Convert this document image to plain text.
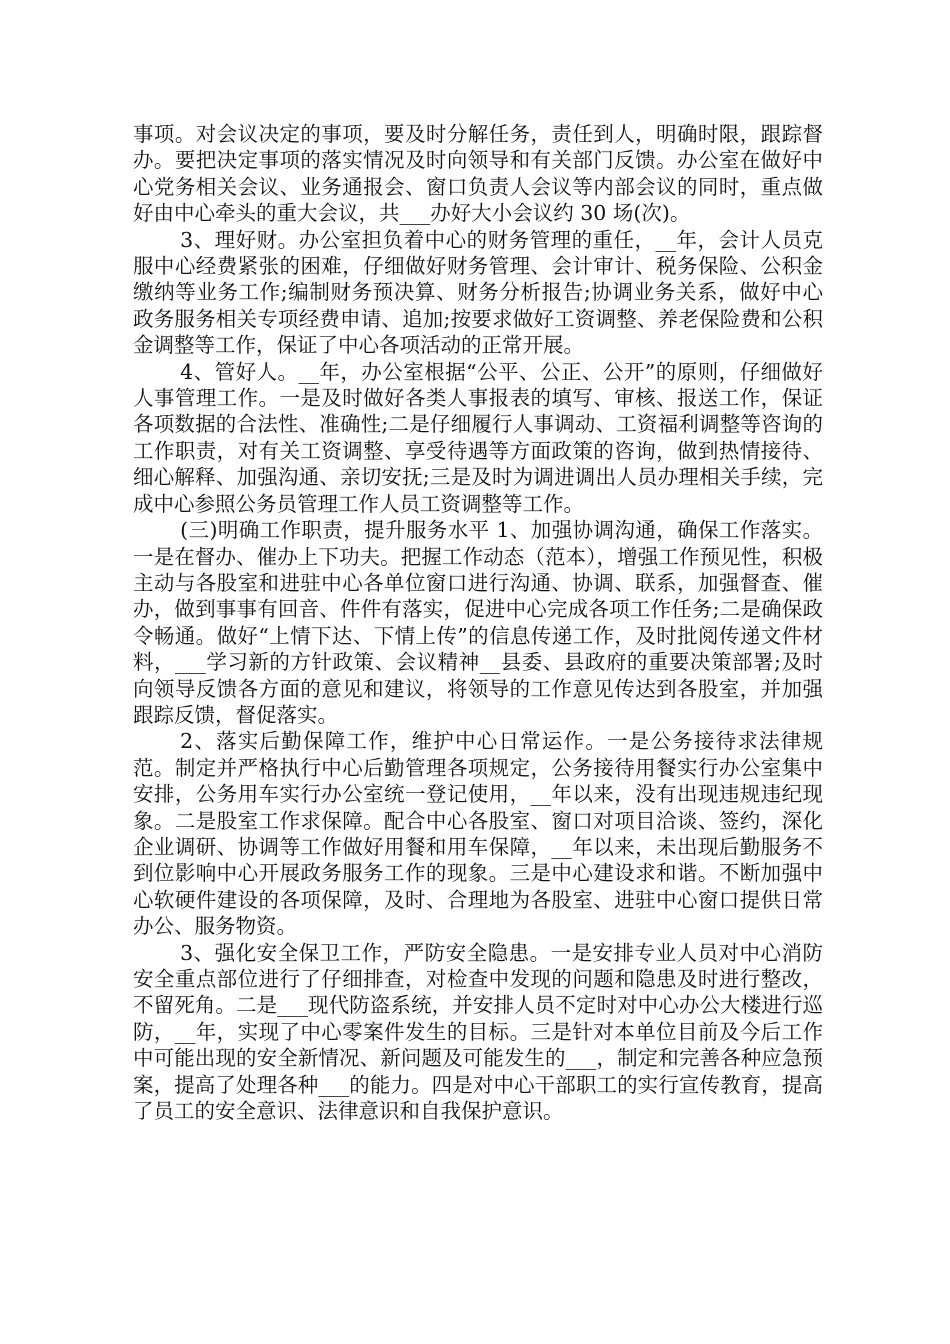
事项。对会议决定的事项，要及时分解任务，责任到人，明确时限，跟踪督办。要把决定事项的落实情况及时向领导和有关部门反馈。办公室在做好中心党务相关会议、业务通报会、窗口负责人会议等内部会议的同时，重点做好由中心牵头的重大会议，共___办好大小会议约 30 场(次)。

3、理好财。办公室担负着中心的财务管理的重任，__年，会计人员克服中心经费紧张的困难，仔细做好财务管理、会计审计、税务保险、公积金缴纳等业务工作;编制财务预决算、财务分析报告;协调业务关系，做好中心政务服务相关专项经费申请、追加;按要求做好工资调整、养老保险费和公积金调整等工作，保证了中心各项活动的正常开展。

4、管好人。__年，办公室根据“公平、公正、公开”的原则，仔细做好人事管理工作。一是及时做好各类人事报表的填写、审核、报送工作，保证各项数据的合法性、准确性;二是仔细履行人事调动、工资福利调整等咨询的工作职责，对有关工资调整、享受待遇等方面政策的咨询，做到热情接待、细心解释、加强沟通、亲切安抚;三是及时为调进调出人员办理相关手续，完成中心参照公务员管理工作人员工资调整等工作。

(三)明确工作职责，提升服务水平 1、加强协调沟通，确保工作落实。一是在督办、催办上下功夫。把握工作动态（范本），增强工作预见性，积极主动与各股室和进驻中心各单位窗口进行沟通、协调、联系，加强督查、催办，做到事事有回音、件件有落实，促进中心完成各项工作任务;二是确保政令畅通。做好“上情下达、下情上传”的信息传递工作，及时批阅传递文件材料，___学习新的方针政策、会议精神__县委、县政府的重要决策部署;及时向领导反馈各方面的意见和建议，将领导的工作意见传达到各股室，并加强跟踪反馈，督促落实。

2、落实后勤保障工作，维护中心日常运作。一是公务接待求法律规范。制定并严格执行中心后勤管理各项规定，公务接待用餐实行办公室集中安排，公务用车实行办公室统一登记使用，__年以来，没有出现违规违纪现象。二是股室工作求保障。配合中心各股室、窗口对项目洽谈、签约，深化企业调研、协调等工作做好用餐和用车保障，__年以来，未出现后勤服务不到位影响中心开展政务服务工作的现象。三是中心建设求和谐。不断加强中心软硬件建设的各项保障，及时、合理地为各股室、进驻中心窗口提供日常办公、服务物资。

3、强化安全保卫工作，严防安全隐患。一是安排专业人员对中心消防安全重点部位进行了仔细排查，对检查中发现的问题和隐患及时进行整改，不留死角。二是___现代防盗系统，并安排人员不定时对中心办公大楼进行巡防，__年，实现了中心零案件发生的目标。三是针对本单位目前及今后工作中可能出现的安全新情况、新问题及可能发生的___，制定和完善各种应急预案，提高了处理各种___的能力。四是对中心干部职工的实行宣传教育，提高了员工的安全意识、法律意识和自我保护意识。
